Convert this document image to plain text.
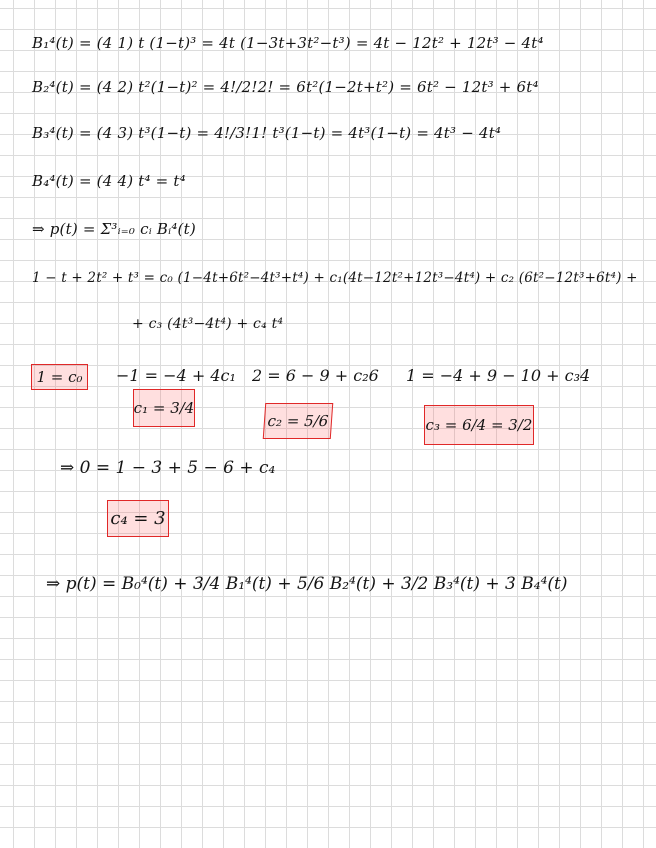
B₁⁴(t) = (4 1) t (1−t)³ = 4t (1−3t+3t²−t³) = 4t − 12t² + 12t³ − 4t⁴
B₂⁴(t) = (4 2) t²(1−t)² = 4!/2!2! = 6t²(1−2t+t²) = 6t² − 12t³ + 6t⁴
B₃⁴(t) = (4 3) t³(1−t) = 4!/3!1! t³(1−t) = 4t³(1−t) = 4t³ − 4t⁴
B₄⁴(t) = (4 4) t⁴ = t⁴
⇒ p(t) = Σ³ᵢ₌₀ cᵢ Bᵢ⁴(t)
1 − t + 2t² + t³ = c₀ (1−4t+6t²−4t³+t⁴) + c₁(4t−12t²+12t³−4t⁴) + c₂ (6t²−12t³+6t⁴) +
+ c₃ (4t³−4t⁴) + c₄ t⁴
1 = c₀	−1 = −4 + 4c₁ 2 = 6 − 9 + c₂6 1 = −4 + 9 − 10 + c₃4
c₁ = 3/4
c₂ = 5/6	c₃ = 6/4 = 3/2
⇒ 0 = 1 − 3 + 5 − 6 + c₄
c₄ = 3
⇒ p(t) = B₀⁴(t) + 3/4 B₁⁴(t) + 5/6 B₂⁴(t) + 3/2 B₃⁴(t) + 3 B₄⁴(t)
